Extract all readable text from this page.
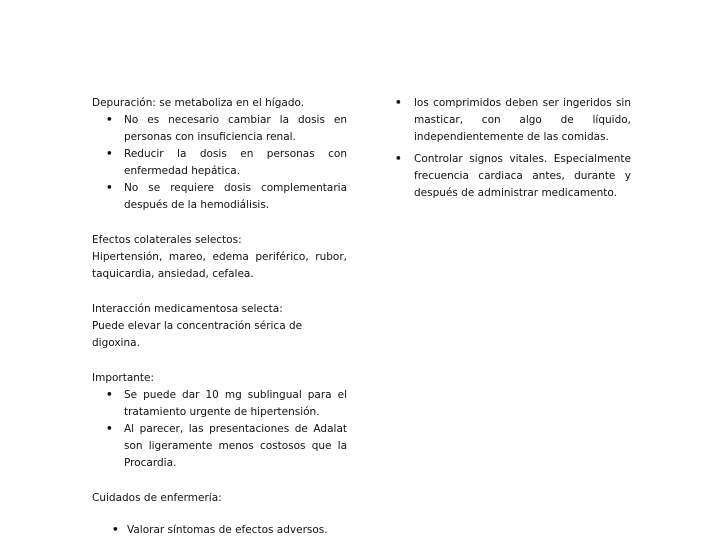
Depuración: se metaboliza en el hígado.

•	No es necesario cambiar la dosis en personas con insuficiencia renal.
•	Reducir la dosis en personas con enfermedad hepática.
•	No se requiere dosis complementaria después de la hemodiálisis.

Efectos colaterales selectos:

Hipertensión, mareo, edema periférico, rubor, taquicardia, ansiedad, cefalea.

Interacción medicamentosa selecta:

Puede elevar la concentración sérica de digoxina.

Importante:

•	Se puede dar 10 mg sublingual para el tratamiento urgente de hipertensión.
•	Al parecer, las presentaciones de Adalat son ligeramente menos costosos que la Procardia.

Cuidados de enfermería:

• Valorar síntomas de efectos adversos.
•	los comprimidos deben ser ingeridos sin masticar, con algo de líquido, independientemente de las comidas.
•	Controlar signos vitales. Especialmente frecuencia cardiaca antes, durante y después de administrar medicamento.
